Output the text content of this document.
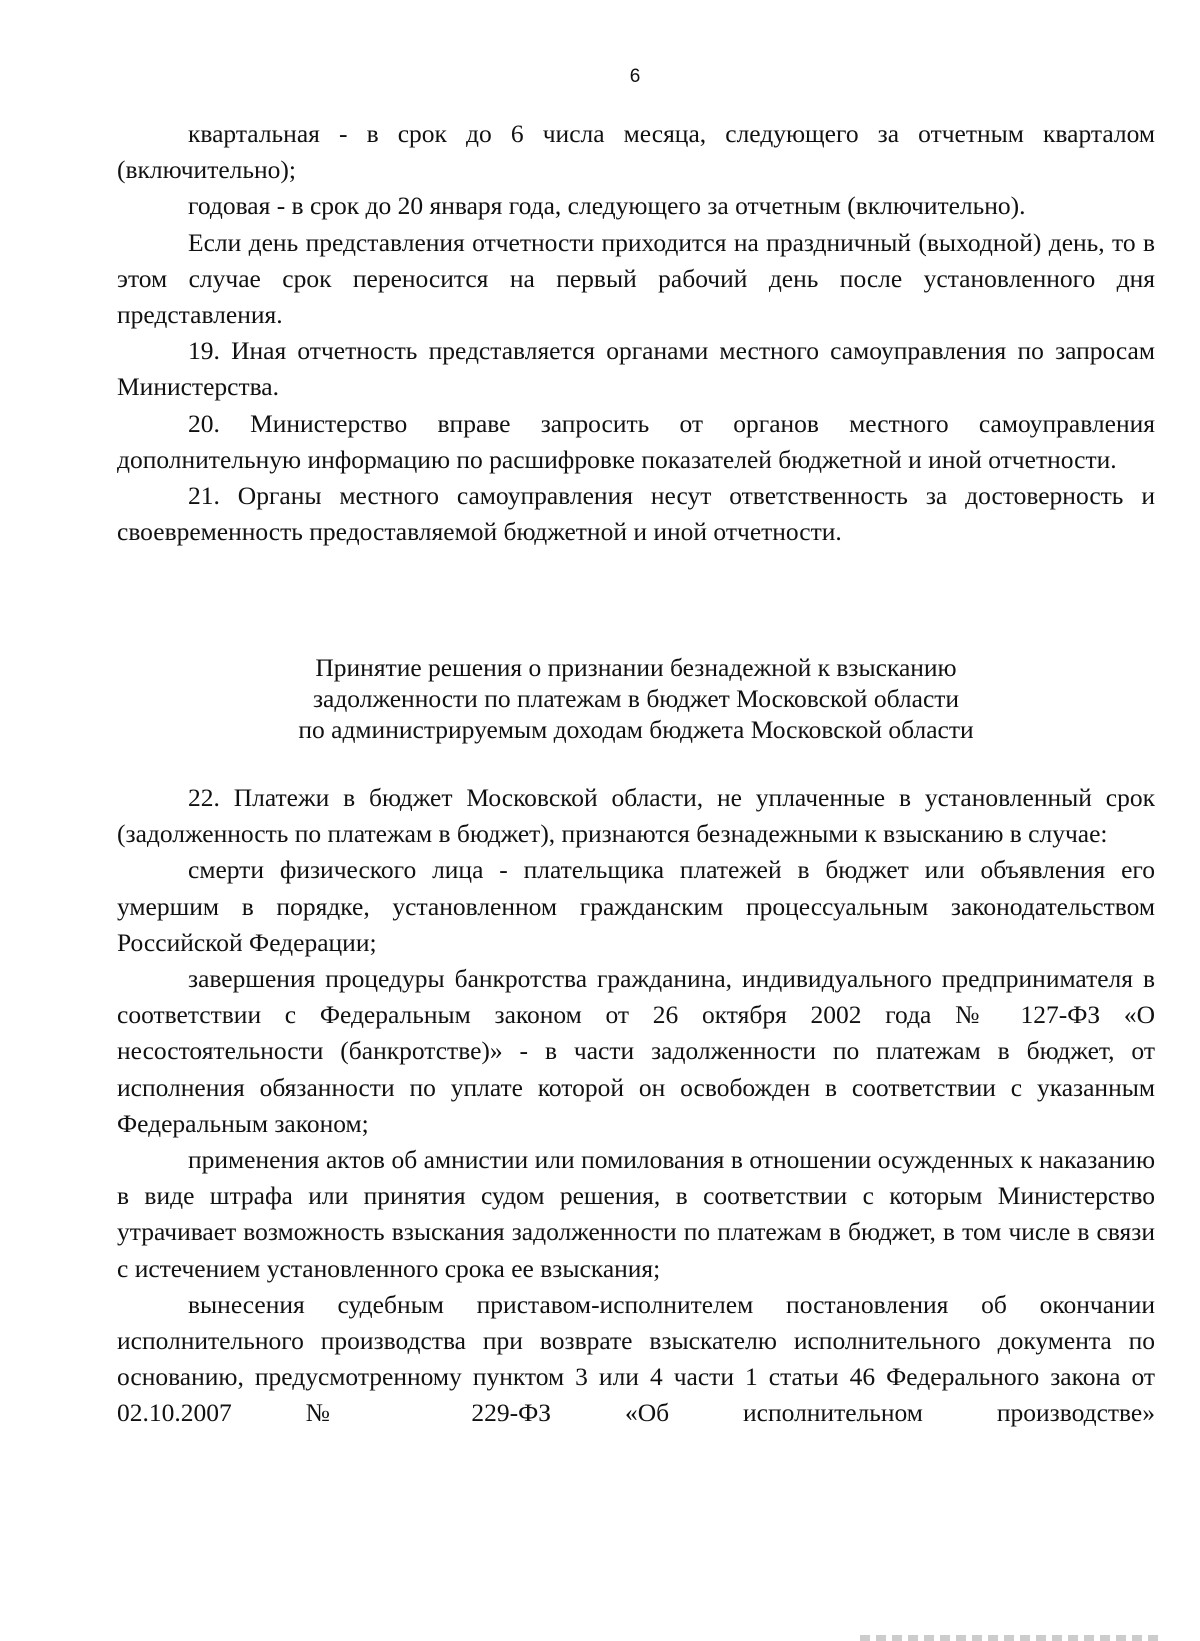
6

квартальная - в срок до 6 числа месяца, следующего за отчетным кварталом (включительно);

годовая - в срок до 20 января года, следующего за отчетным (включительно).

Если день представления отчетности приходится на праздничный (выходной) день, то в этом случае срок переносится на первый рабочий день после установленного дня представления.

19. Иная отчетность представляется органами местного самоуправления по запросам Министерства.

20. Министерство вправе запросить от органов местного самоуправления дополнительную информацию по расшифровке показателей бюджетной и иной отчетности.

21. Органы местного самоуправления несут ответственность за достоверность и своевременность предоставляемой бюджетной и иной отчетности.

Принятие решения о признании безнадежной к взысканию
задолженности по платежам в бюджет Московской области
по администрируемым доходам бюджета Московской области

22. Платежи в бюджет Московской области, не уплаченные в установленный срок (задолженность по платежам в бюджет), признаются безнадежными к взысканию в случае:

смерти физического лица - плательщика платежей в бюджет или объявления его умершим в порядке, установленном гражданским процессуальным законодательством Российской Федерации;

завершения процедуры банкротства гражданина, индивидуального предпринимателя в соответствии с Федеральным законом от 26 октября 2002 года № 127-ФЗ «О несостоятельности (банкротстве)» - в части задолженности по платежам в бюджет, от исполнения обязанности по уплате которой он освобожден в соответствии с указанным Федеральным законом;

применения актов об амнистии или помилования в отношении осужденных к наказанию в виде штрафа или принятия судом решения, в соответствии с которым Министерство утрачивает возможность взыскания задолженности по платежам в бюджет, в том числе в связи с истечением установленного срока ее взыскания;

вынесения судебным приставом-исполнителем постановления об окончании исполнительного производства при возврате взыскателю исполнительного документа по основанию, предусмотренному пунктом 3 или 4 части 1 статьи 46 Федерального закона от 02.10.2007 № 229-ФЗ «Об исполнительном производстве»
